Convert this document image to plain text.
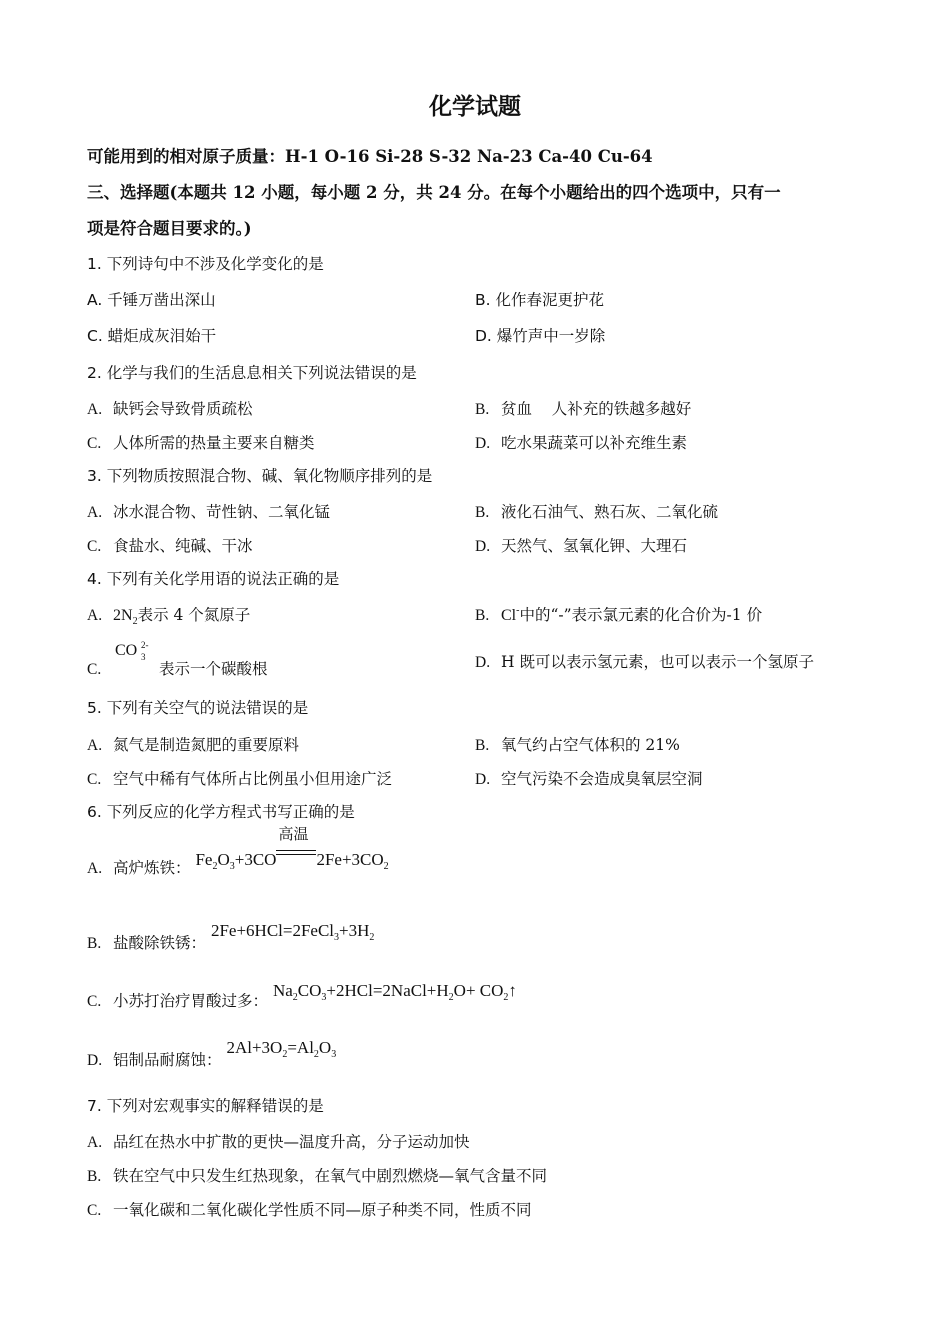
化学试题
可能用到的相对原子质量：H-1 O-16 Si-28 S-32 Na-23 Ca-40 Cu-64
三、选择题(本题共 12 小题，每小题 2 分，共 24 分。在每个小题给出的四个选项中，只有一
项是符合题目要求的。)
1. 下列诗句中不涉及化学变化的是
A. 千锤万凿出深山	B. 化作春泥更护花
C. 蜡炬成灰泪始干	D. 爆竹声中一岁除
2. 化学与我们的生活息息相关下列说法错误的是
A. 缺钙会导致骨质疏松	B. 贫血    人补充的铁越多越好
C. 人体所需的热量主要来自糖类	D. 吃水果蔬菜可以补充维生素
3. 下列物质按照混合物、碱、氧化物顺序排列的是
A. 冰水混合物、苛性钠、二氧化锰	B. 液化石油气、熟石灰、二氧化硫
C. 食盐水、纯碱、干冰	D. 天然气、氢氧化钾、大理石
4. 下列有关化学用语的说法正确的是
A. $2N_2$表示 4 个氮原子	B. Cl-中的“-”表示氯元素的化合价为-1 价
C.
CO 2-
3
表示一个碳酸根	D. H 既可以表示氢元素，也可以表示一个氢原子
5. 下列有关空气的说法错误的是
A. 氮气是制造氮肥的重要原料	B. 氧气约占空气体积的 21%
C. 空气中稀有气体所占比例虽小但用途广泛	D. 空气污染不会造成臭氧层空洞
6. 下列反应的化学方程式书写正确的是
A. 高炉炼铁： $Fe_2O_3+3CO$
高温
$2Fe+3CO_2$
B. 盐酸除铁锈： $2Fe+6HCl=2FeCl_3+3H_2$
C. 小苏打治疗胃酸过多： $Na_2CO_3+2HCl=2NaCl+H_2O+$ $CO_2↑$
D. 铝制品耐腐蚀： $2Al+3O_2=Al_2O_3$
7. 下列对宏观事实的解释错误的是
A. 品红在热水中扩散的更快—温度升高，分子运动加快
B. 铁在空气中只发生红热现象，在氧气中剧烈燃烧—氧气含量不同
C. 一氧化碳和二氧化碳化学性质不同—原子种类不同，性质不同
